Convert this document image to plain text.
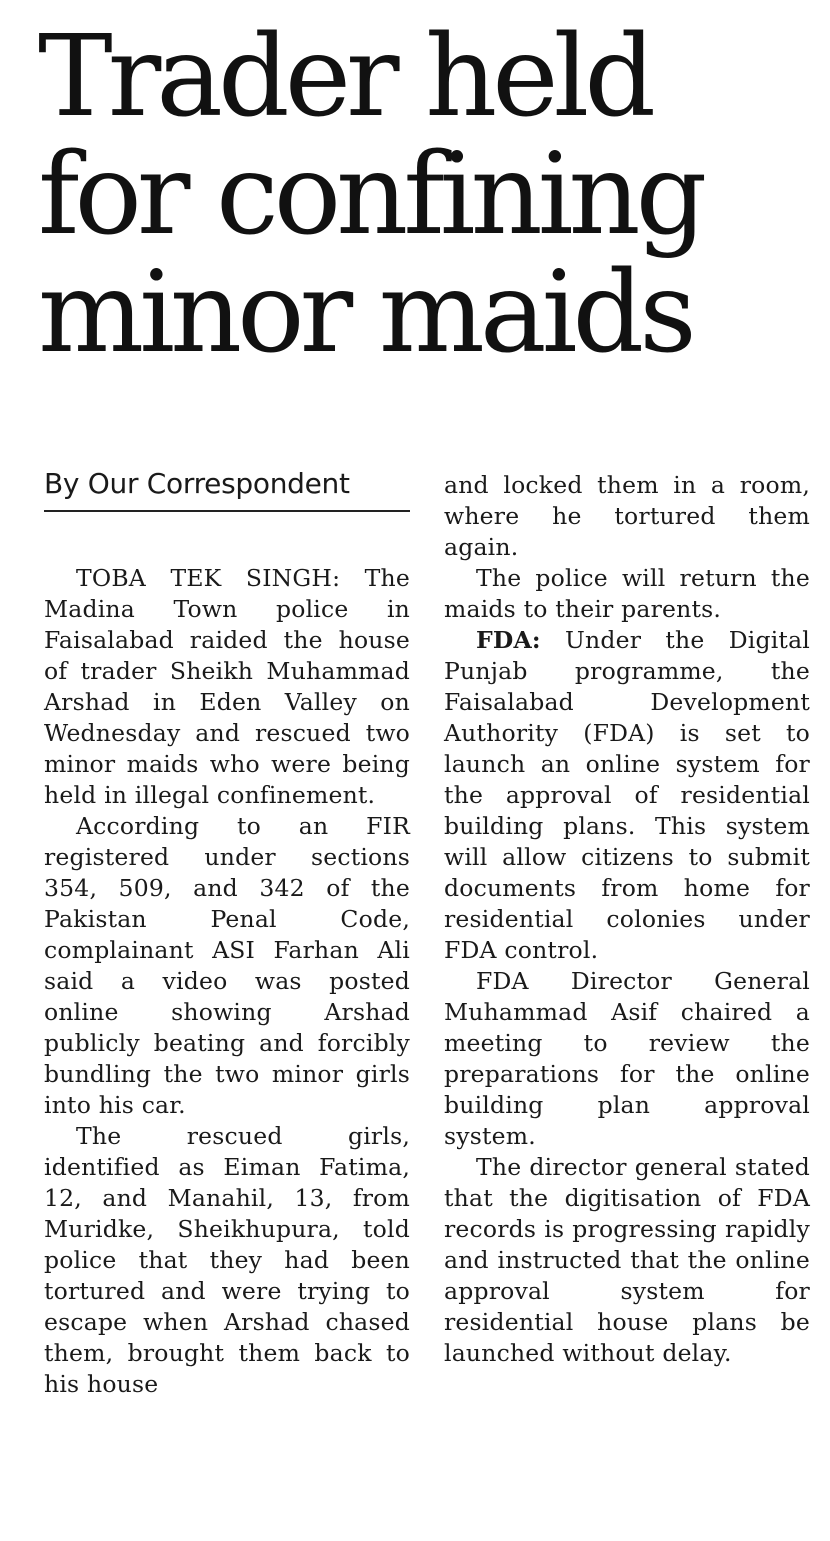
Trader held
for confining
minor maids
By Our Correspondent

TOBA TEK SINGH: The Madina Town police in Faisalabad raided the house of trader Sheikh Muhammad Arshad in Eden Valley on Wednesday and rescued two minor maids who were being held in illegal confinement.

According to an FIR registered under sections 354, 509, and 342 of the Pakistan Penal Code, complainant ASI Farhan Ali said a video was posted online showing Arshad publicly beating and forcibly bundling the two minor girls into his car.

The rescued girls, identified as Eiman Fatima, 12, and Manahil, 13, from Muridke, Sheikhupura, told police that they had been tortured and were trying to escape when Arshad chased them, brought them back to his house

and locked them in a room, where he tortured them again.

The police will return the maids to their parents.

FDA: Under the Digital Punjab programme, the Faisalabad Development Authority (FDA) is set to launch an online system for the approval of residential building plans. This system will allow citizens to submit documents from home for residential colonies under FDA control.

FDA Director General Muhammad Asif chaired a meeting to review the preparations for the online building plan approval system.

The director general stated that the digitisation of FDA records is progressing rapidly and instructed that the online approval system for residential house plans be launched without delay.
